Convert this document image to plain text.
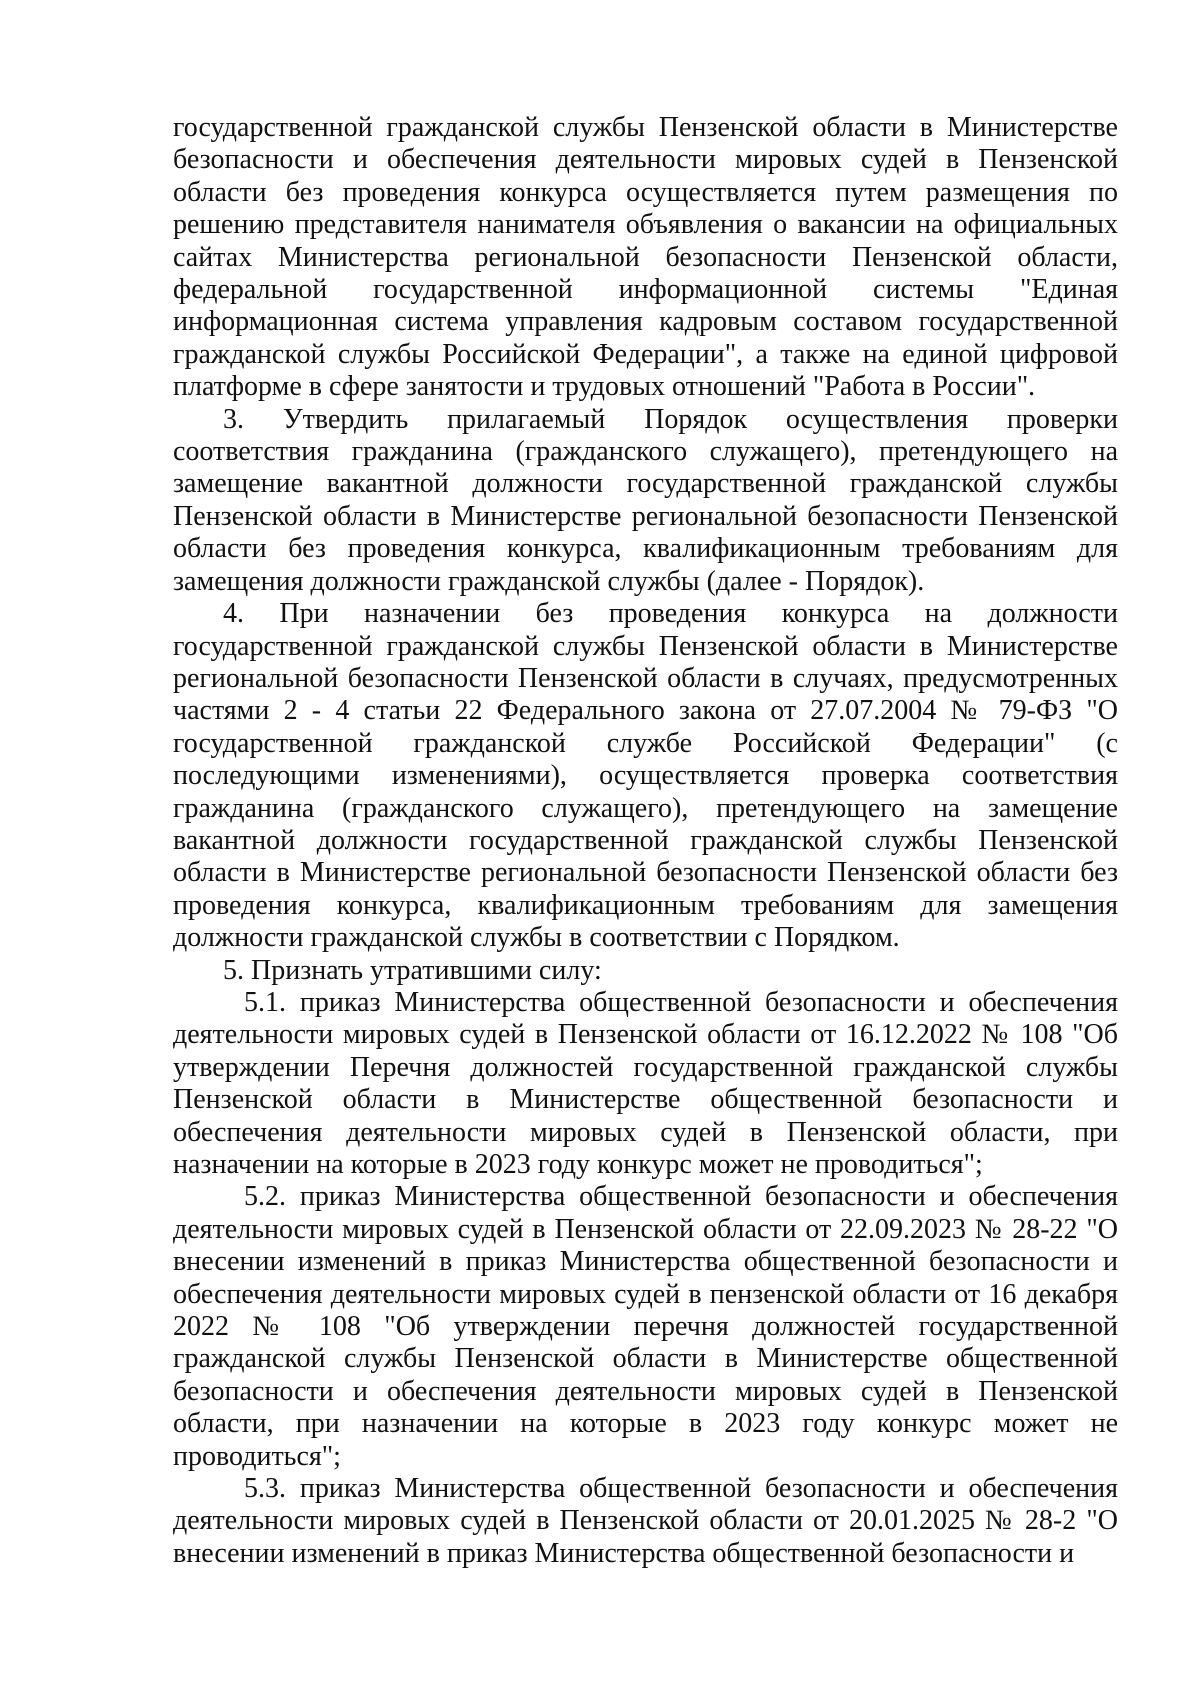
государственной гражданской службы Пензенской области в Министерстве безопасности и обеспечения деятельности мировых судей в Пензенской области без проведения конкурса осуществляется путем размещения по решению представителя нанимателя объявления о вакансии на официальных сайтах Министерства региональной безопасности Пензенской области, федеральной государственной информационной системы "Единая информационная система управления кадровым составом государственной гражданской службы Российской Федерации", а также на единой цифровой платформе в сфере занятости и трудовых отношений "Работа в России".

3. Утвердить прилагаемый Порядок осуществления проверки соответствия гражданина (гражданского служащего), претендующего на замещение вакантной должности государственной гражданской службы Пензенской области в Министерстве региональной безопасности Пензенской области без проведения конкурса, квалификационным требованиям для замещения должности гражданской службы (далее - Порядок).

4. При назначении без проведения конкурса на должности государственной гражданской службы Пензенской области в Министерстве региональной безопасности Пензенской области в случаях, предусмотренных частями 2 - 4 статьи 22 Федерального закона от 27.07.2004 № 79-ФЗ "О государственной гражданской службе Российской Федерации" (с последующими изменениями), осуществляется проверка соответствия гражданина (гражданского служащего), претендующего на замещение вакантной должности государственной гражданской службы Пензенской области в Министерстве региональной безопасности Пензенской области без проведения конкурса, квалификационным требованиям для замещения должности гражданской службы в соответствии с Порядком.

5. Признать утратившими силу:

5.1. приказ Министерства общественной безопасности и обеспечения деятельности мировых судей в Пензенской области от 16.12.2022 № 108 "Об утверждении Перечня должностей государственной гражданской службы Пензенской области в Министерстве общественной безопасности и обеспечения деятельности мировых судей в Пензенской области, при назначении на которые в 2023 году конкурс может не проводиться";

5.2. приказ Министерства общественной безопасности и обеспечения деятельности мировых судей в Пензенской области от 22.09.2023 № 28-22 "О внесении изменений в приказ Министерства общественной безопасности и обеспечения деятельности мировых судей в пензенской области от 16 декабря 2022 № 108 "Об утверждении перечня должностей государственной гражданской службы Пензенской области в Министерстве общественной безопасности и обеспечения деятельности мировых судей в Пензенской области, при назначении на которые в 2023 году конкурс может не проводиться";

5.3. приказ Министерства общественной безопасности и обеспечения деятельности мировых судей в Пензенской области от 20.01.2025 № 28-2 "О внесении изменений в приказ Министерства общественной безопасности и
